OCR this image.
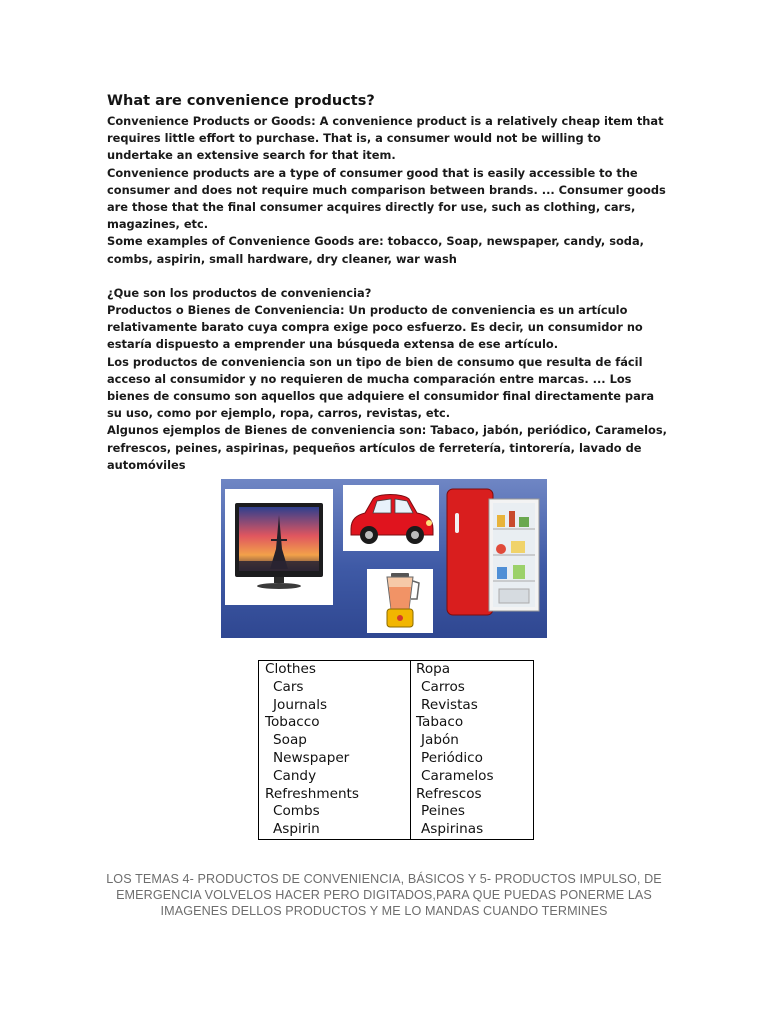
What are convenience products?

Convenience Products or Goods: A convenience product is a relatively cheap item that requires little effort to purchase. That is, a consumer would not be willing to undertake an extensive search for that item.

Convenience products are a type of consumer good that is easily accessible to the consumer and does not require much comparison between brands. ... Consumer goods are those that the final consumer acquires directly for use, such as clothing, cars, magazines, etc.

Some examples of Convenience Goods are: tobacco, Soap, newspaper, candy, soda, combs, aspirin, small hardware, dry cleaner, war wash

¿Que son los productos de conveniencia?

Productos o Bienes de Conveniencia: Un producto de conveniencia es un artículo relativamente barato cuya compra exige poco esfuerzo. Es decir, un consumidor no estaría dispuesto a emprender una búsqueda extensa de ese artículo.

Los productos de conveniencia son un tipo de bien de consumo que resulta de fácil acceso al consumidor y no requieren de mucha comparación entre marcas. ... Los bienes de consumo son aquellos que adquiere el consumidor final directamente para su uso, como por ejemplo, ropa, carros, revistas, etc.

Algunos ejemplos de Bienes de conveniencia son: Tabaco, jabón, periódico, Caramelos, refrescos, peines, aspirinas, pequeños artículos de ferretería, tintorería, lavado de automóviles

Clothes
Cars
Journals
Tobacco
Soap
Newspaper
Candy
Refreshments
Combs
Aspirin
Ropa
Carros
Revistas
Tabaco
Jabón
Periódico
Caramelos
Refrescos
Peines
Aspirinas
LOS TEMAS 4- PRODUCTOS DE CONVENIENCIA, BÁSICOS Y 5- PRODUCTOS IMPULSO, DE EMERGENCIA VOLVELOS HACER PERO DIGITADOS,PARA QUE PUEDAS PONERME LAS IMAGENES DELLOS PRODUCTOS Y ME LO MANDAS CUANDO TERMINES
